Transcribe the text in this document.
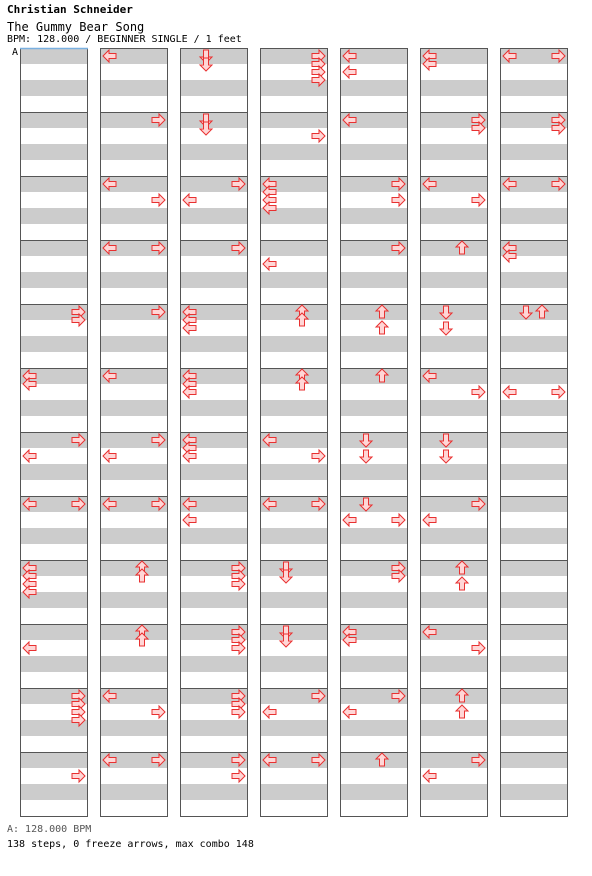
Christian Schneider
The Gummy Bear Song
BPM: 128.000 / BEGINNER SINGLE / 1 feet
A
A: 128.000 BPM
138 steps, 0 freeze arrows, max combo 148
